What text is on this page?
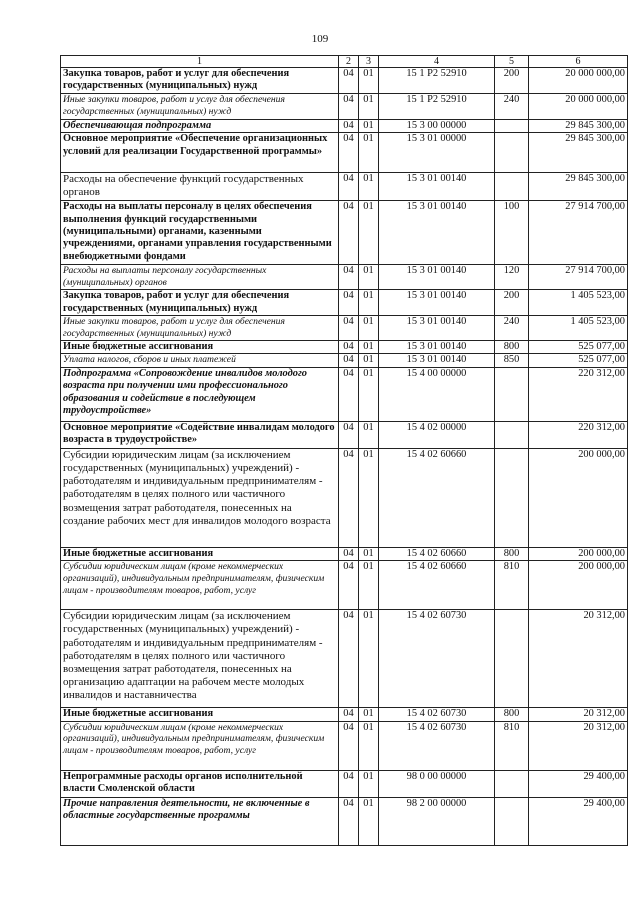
109
1	2	3	4	5	6
Закупка товаров, работ и услуг для обеспечения государственных (муниципальных) нужд	04	01	15 1 Р2 52910	200	20 000 000,00
Иные закупки товаров, работ и услуг для обеспечения государственных (муниципальных) нужд	04	01	15 1 Р2 52910	240	20 000 000,00
Обеспечивающая подпрограмма	04	01	15 3 00 00000		29 845 300,00
Основное мероприятие «Обеспечение организационных условий для реализации Государственной программы»	04	01	15 3 01 00000		29 845 300,00
Расходы на обеспечение функций государственных органов	04	01	15 3 01 00140		29 845 300,00
Расходы на выплаты персоналу в целях обеспечения выполнения функций государственными (муниципальными) органами, казенными учреждениями, органами управления государственными внебюджетными фондами	04	01	15 3 01 00140	100	27 914 700,00
Расходы на выплаты персоналу государственных (муниципальных) органов	04	01	15 3 01 00140	120	27 914 700,00
Закупка товаров, работ и услуг для обеспечения государственных (муниципальных) нужд	04	01	15 3 01 00140	200	1 405 523,00
Иные закупки товаров, работ и услуг для обеспечения государственных (муниципальных) нужд	04	01	15 3 01 00140	240	1 405 523,00
Иные бюджетные ассигнования	04	01	15 3 01 00140	800	525 077,00
Уплата налогов, сборов и иных платежей	04	01	15 3 01 00140	850	525 077,00
Подпрограмма «Сопровождение инвалидов молодого возраста при получении ими профессионального образования и содействие в последующем трудоустройстве»	04	01	15 4 00 00000		220 312,00
Основное мероприятие «Содействие инвалидам молодого возраста в трудоустройстве»	04	01	15 4 02 00000		220 312,00
Субсидии юридическим лицам (за исключением государственных (муниципальных) учреждений) - работодателям и индивидуальным предпринимателям - работодателям в целях полного или частичного возмещения затрат работодателя, понесенных на создание рабочих мест для инвалидов молодого возраста	04	01	15 4 02 60660		200 000,00
Иные бюджетные ассигнования	04	01	15 4 02 60660	800	200 000,00
Субсидии юридическим лицам (кроме некоммерческих организаций), индивидуальным предпринимателям, физическим лицам - производителям товаров, работ, услуг	04	01	15 4 02 60660	810	200 000,00
Субсидии юридическим лицам (за исключением государственных (муниципальных) учреждений) - работодателям и индивидуальным предпринимателям - работодателям в целях полного или частичного возмещения затрат работодателя, понесенных на организацию адаптации на рабочем месте молодых инвалидов и наставничества	04	01	15 4 02 60730		20 312,00
Иные бюджетные ассигнования	04	01	15 4 02 60730	800	20 312,00
Субсидии юридическим лицам (кроме некоммерческих организаций), индивидуальным предпринимателям, физическим лицам - производителям товаров, работ, услуг	04	01	15 4 02 60730	810	20 312,00
Непрограммные расходы органов исполнительной власти Смоленской области	04	01	98 0 00 00000		29 400,00
Прочие направления деятельности, не включенные в областные государственные программы	04	01	98 2 00 00000		29 400,00
